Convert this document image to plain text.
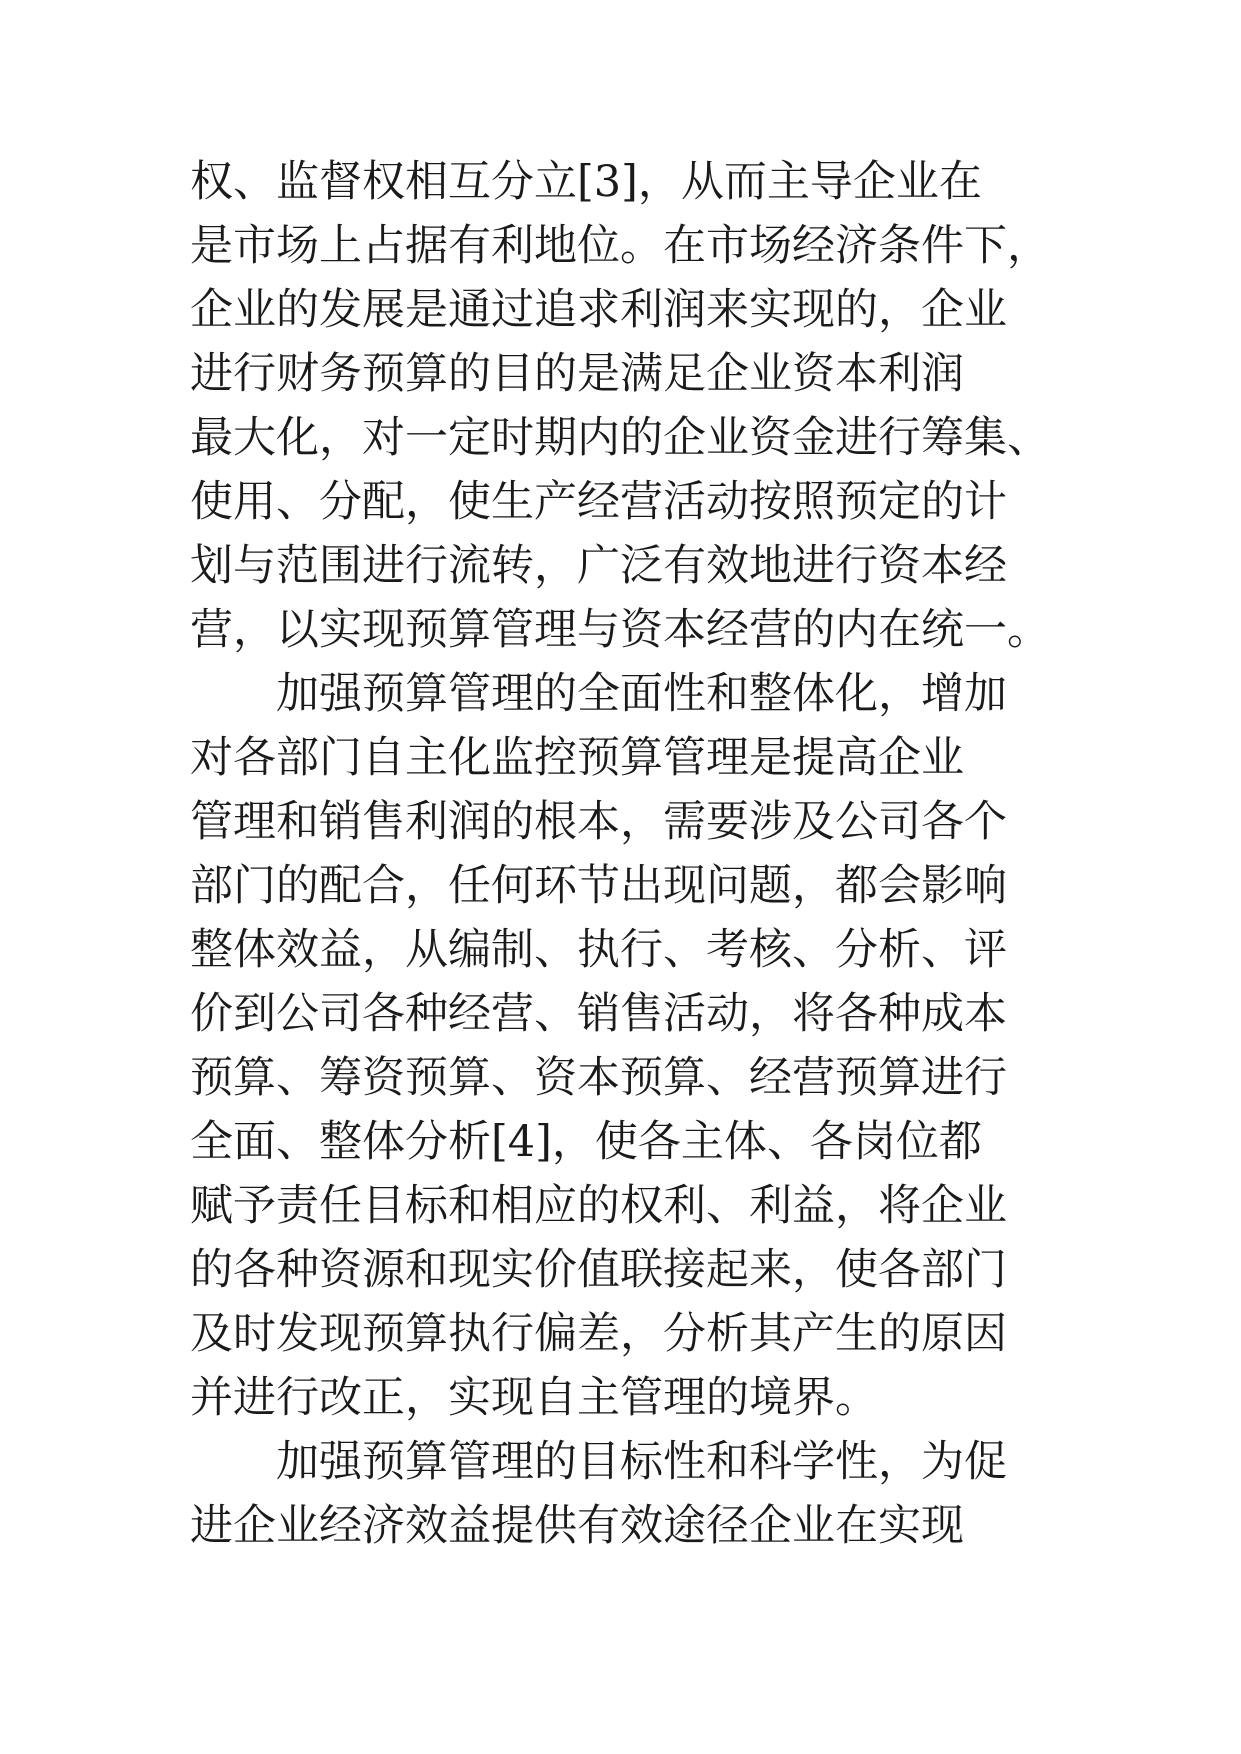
权、监督权相互分立[3]，从而主导企业在
是市场上占据有利地位。在市场经济条件下，
企业的发展是通过追求利润来实现的，企业
进行财务预算的目的是满足企业资本利润
最大化，对一定时期内的企业资金进行筹集、
使用、分配，使生产经营活动按照预定的计
划与范围进行流转，广泛有效地进行资本经
营，以实现预算管理与资本经营的内在统一。
　　加强预算管理的全面性和整体化，增加
对各部门自主化监控预算管理是提高企业
管理和销售利润的根本，需要涉及公司各个
部门的配合，任何环节出现问题，都会影响
整体效益，从编制、执行、考核、分析、评
价到公司各种经营、销售活动，将各种成本
预算、筹资预算、资本预算、经营预算进行
全面、整体分析[4]，使各主体、各岗位都
赋予责任目标和相应的权利、利益，将企业
的各种资源和现实价值联接起来，使各部门
及时发现预算执行偏差，分析其产生的原因
并进行改正，实现自主管理的境界。
　　加强预算管理的目标性和科学性，为促
进企业经济效益提供有效途径企业在实现
